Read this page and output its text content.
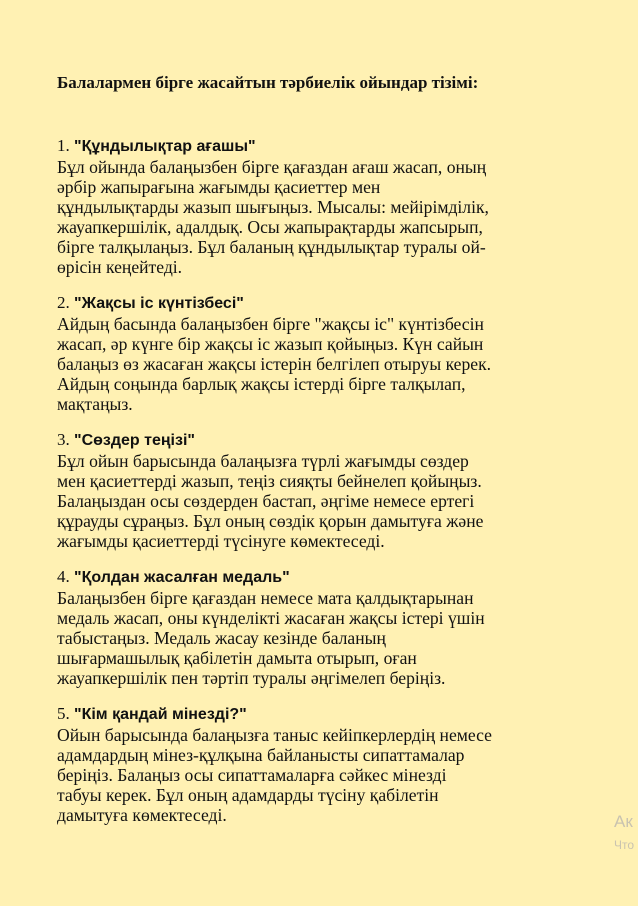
Балалармен бірге жасайтын тәрбиелік ойындар тізімі:

1. "Құндылықтар ағашы"

Бұл ойында балаңызбен бірге қағаздан ағаш жасап, оның
әрбір жапырағына жағымды қасиеттер мен
құндылықтарды жазып шығыңыз. Мысалы: мейірімділік,
жауапкершілік, адалдық. Осы жапырақтарды жапсырып,
бірге талқылаңыз. Бұл баланың құндылықтар туралы ой-
өрісін кеңейтеді.

2. "Жақсы іс күнтізбесі"

Айдың басында балаңызбен бірге "жақсы іс" күнтізбесін
жасап, әр күнге бір жақсы іс жазып қойыңыз. Күн сайын
балаңыз өз жасаған жақсы істерін белгілеп отыруы керек.
Айдың соңында барлық жақсы істерді бірге талқылап,
мақтаңыз.

3. "Сөздер теңізі"

Бұл ойын барысында балаңызға түрлі жағымды сөздер
мен қасиеттерді жазып, теңіз сияқты бейнелеп қойыңыз.
Балаңыздан осы сөздерден бастап, әңгіме немесе ертегі
құрауды сұраңыз. Бұл оның сөздік қорын дамытуға және
жағымды қасиеттерді түсінуге көмектеседі.

4. "Қолдан жасалған медаль"

Балаңызбен бірге қағаздан немесе мата қалдықтарынан
медаль жасап, оны күнделікті жасаған жақсы істері үшін
табыстаңыз. Медаль жасау кезінде баланың
шығармашылық қабілетін дамыта отырып, оған
жауапкершілік пен тәртіп туралы әңгімелеп беріңіз.

5. "Кім қандай мінезді?"

Ойын барысында балаңызға таныс кейіпкерлердің немесе
адамдардың мінез-құлқына байланысты сипаттамалар
беріңіз. Балаңыз осы сипаттамаларға сәйкес мінезді
табуы керек. Бұл оның адамдарды түсіну қабілетін
дамытуға көмектеседі.	Ак
Что
